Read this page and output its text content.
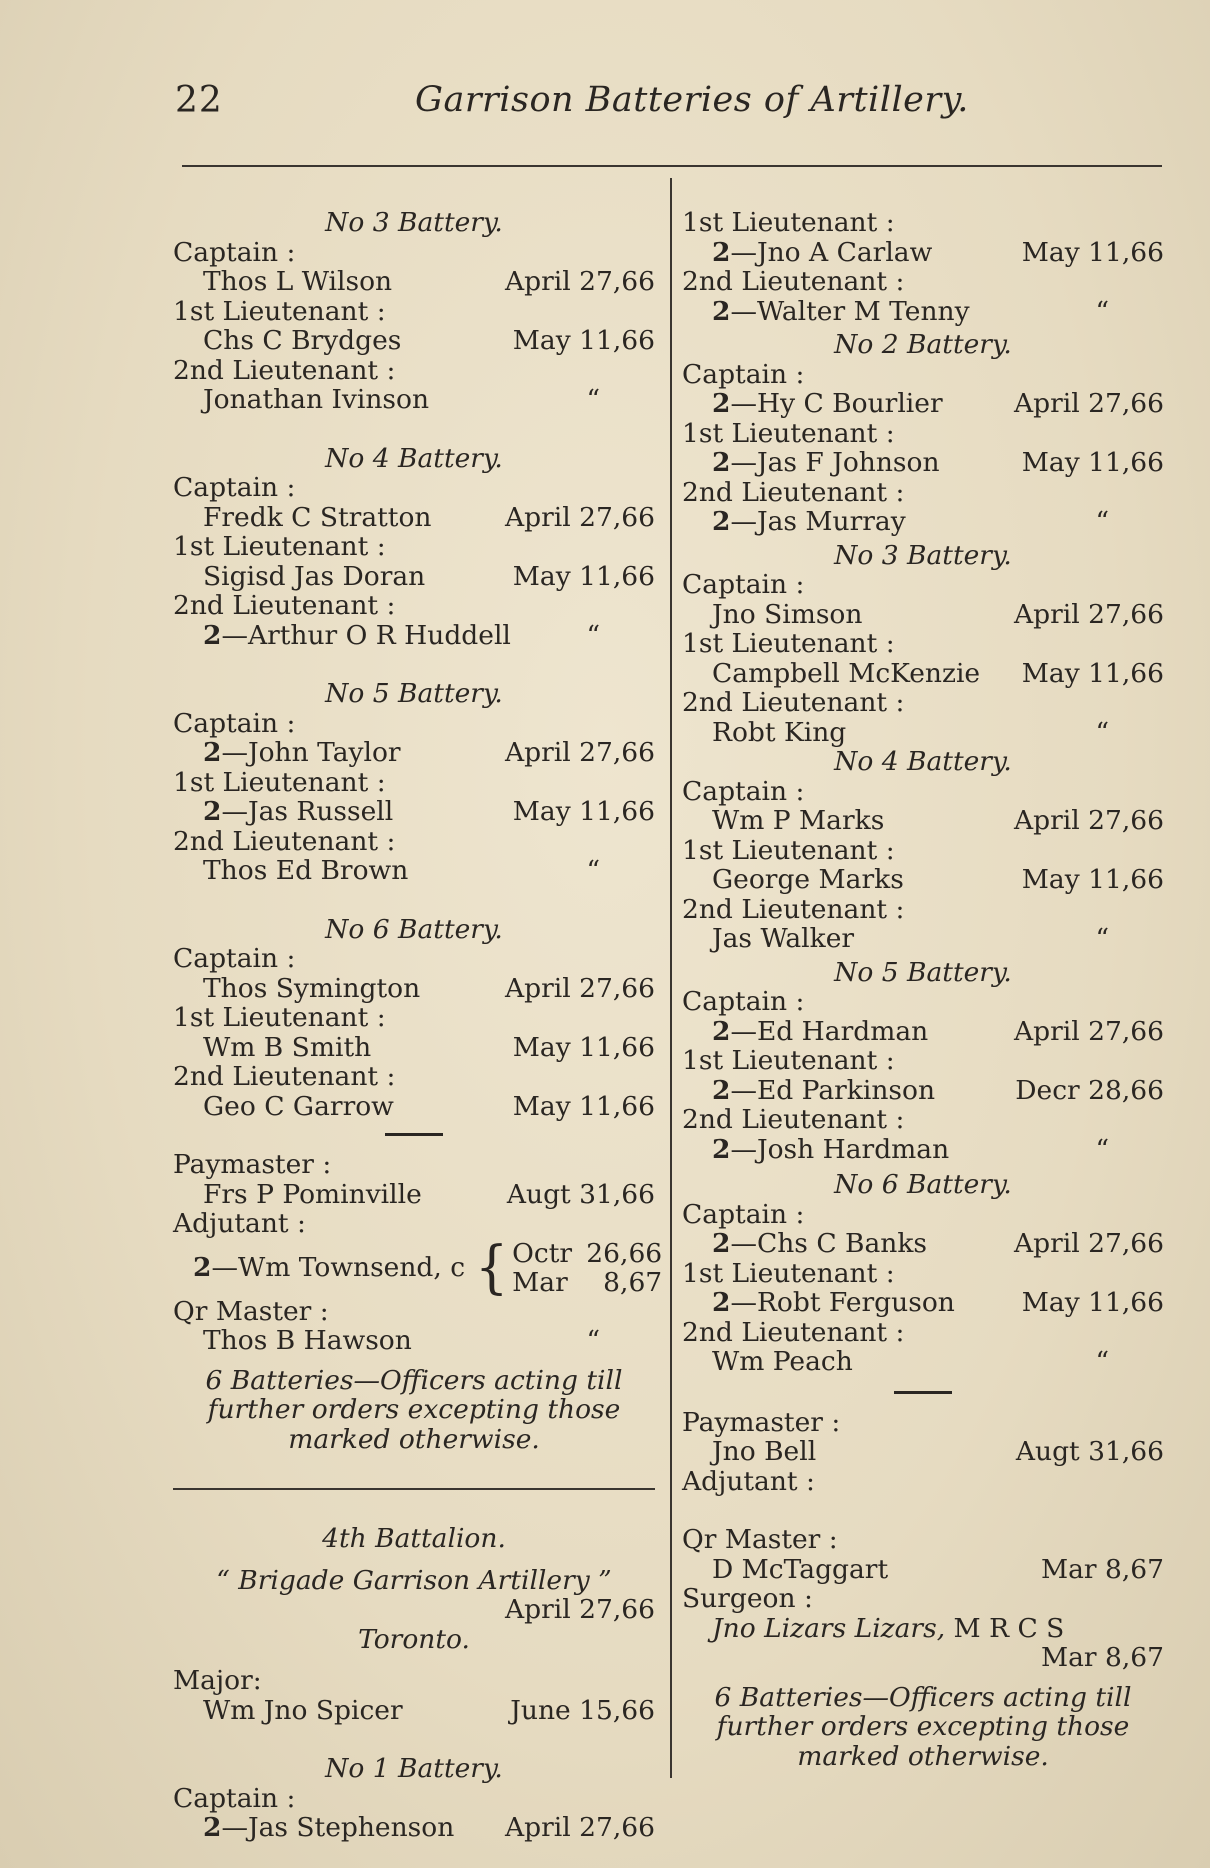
22	Garrison Batteries of Artillery.
No 3 Battery.
Captain :
Thos L Wilson	April 27,66
1st Lieutenant :
Chs C Brydges	May 11,66
2nd Lieutenant :
Jonathan Ivinson	“
No 4 Battery.
Captain :
Fredk C Stratton	April 27,66
1st Lieutenant :
Sigisd Jas Doran	May 11,66
2nd Lieutenant :
2—Arthur O R Huddell	“
No 5 Battery.
Captain :
2—John Taylor	April 27,66
1st Lieutenant :
2—Jas Russell	May 11,66
2nd Lieutenant :
Thos Ed Brown	“
No 6 Battery.
Captain :
Thos Symington	April 27,66
1st Lieutenant :
Wm B Smith	May 11,66
2nd Lieutenant :
Geo C Garrow	May 11,66
Paymaster :
Frs P Pominville	Augt 31,66
Adjutant :
2—Wm Townsend, c { Octr 26,66
Mar 8,67
Qr Master :
Thos B Hawson	“
6 Batteries—Officers acting till further orders excepting those marked otherwise.
4th Battalion.
“ Brigade Garrison Artillery ”
April 27,66
Toronto.
Major:
Wm Jno Spicer	June 15,66
No 1 Battery.
Captain :
2—Jas Stephenson April 27,66
1st Lieutenant :
2—Jno A Carlaw	May 11,66
2nd Lieutenant :
2—Walter M Tenny	“
No 2 Battery.
Captain :
2—Hy C Bourlier	April 27,66
1st Lieutenant :
2—Jas F Johnson	May 11,66
2nd Lieutenant :
2—Jas Murray	“
No 3 Battery.
Captain :
Jno Simson	April 27,66
1st Lieutenant :
Campbell McKenzie May 11,66
2nd Lieutenant :
Robt King	“
No 4 Battery.
Captain :
Wm P Marks	April 27,66
1st Lieutenant :
George Marks	May 11,66
2nd Lieutenant :
Jas Walker	“
No 5 Battery.
Captain :
2—Ed Hardman	April 27,66
1st Lieutenant :
2—Ed Parkinson	Decr 28,66
2nd Lieutenant :
2—Josh Hardman	“
No 6 Battery.
Captain :
2—Chs C Banks	April 27,66
1st Lieutenant :
2—Robt Ferguson	May 11,66
2nd Lieutenant :
Wm Peach	“
Paymaster :
Jno Bell	Augt 31,66
Adjutant :
Qr Master :
D McTaggart	Mar 8,67
Surgeon :
Jno Lizars Lizars, M R C S
Mar 8,67
6 Batteries—Officers acting till further orders excepting those marked otherwise.
